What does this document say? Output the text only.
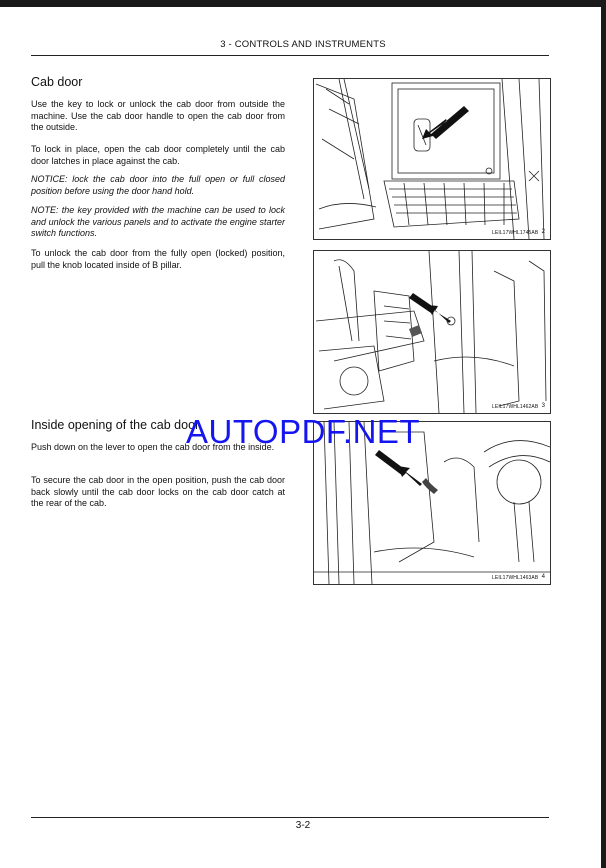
3 - CONTROLS AND INSTRUMENTS
Cab door

Use the key to lock or unlock the cab door from outside the machine. Use the cab door handle to open the cab door from the outside.

To lock in place, open the cab door completely until the cab door latches in place against the cab.

NOTICE: lock the cab door into the full open or full closed position before using the door hand hold.

NOTE: the key provided with the machine can be used to lock and unlock the various panels and to activate the engine starter switch functions.

To unlock the cab door from the fully open (locked) position, pull the knob located inside of B pillar.

Inside opening of the cab door

Push down on the lever to open the cab door from the inside.

To secure the cab door in the open position, push the cab door back slowly until the cab door locks on the cab door catch at the rear of the cab.

LEIL17WHL1745AB 2
LEIL17WHL1462AB 3
LEIL17WHL1463AB 4
AUTOPDF.NET
3-2
